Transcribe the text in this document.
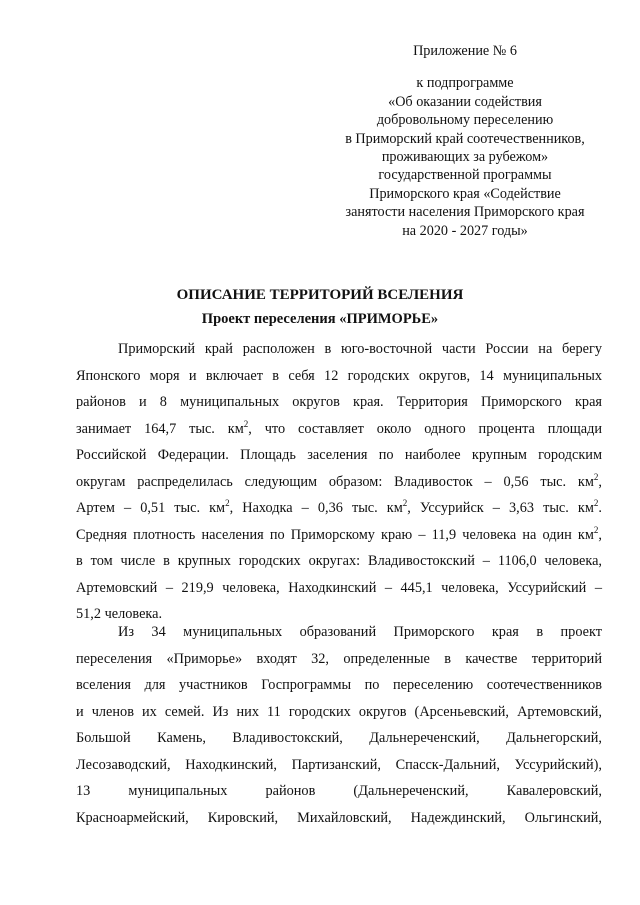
Приложение № 6
к подпрограмме
«Об оказании содействия
добровольному переселению
в Приморский край соотечественников,
проживающих за рубежом»
государственной программы
Приморского края «Содействие
занятости населения Приморского края
на 2020 - 2027 годы»
ОПИСАНИЕ ТЕРРИТОРИЙ ВСЕЛЕНИЯ
Проект переселения «ПРИМОРЬЕ»
Приморский край расположен в юго-восточной части России на берегу
Японского моря и включает в себя 12 городских округов, 14 муниципальных
районов и 8 муниципальных округов края. Территория Приморского края
занимает 164,7 тыс. $км^2$, что составляет около одного процента площади
Российской Федерации. Площадь заселения по наиболее крупным городским
округам распределилась следующим образом: Владивосток – 0,56 тыс. $км^2$,
Артем – 0,51 тыс. $км^2$, Находка – 0,36 тыс. $км^2$, Уссурийск – 3,63 тыс. $км^2$.
Средняя плотность населения по Приморскому краю – 11,9 человека на один $км^2$,
в том числе в крупных городских округах: Владивостокский – 1106,0 человека,
Артемовский – 219,9 человека, Находкинский – 445,1 человека, Уссурийский –
51,2 человека.
Из 34 муниципальных образований Приморского края в проект
переселения «Приморье» входят 32, определенные в качестве территорий
вселения для участников Госпрограммы по переселению соотечественников
и членов их семей. Из них 11 городских округов (Арсеньевский, Артемовский,
Большой Камень, Владивостокский, Дальнереченский, Дальнегорский,
Лесозаводский, Находкинский, Партизанский, Спасск-Дальний, Уссурийский),
13 муниципальных районов (Дальнереченский, Кавалеровский,
Красноармейский, Кировский, Михайловский, Надеждинский, Ольгинский,
